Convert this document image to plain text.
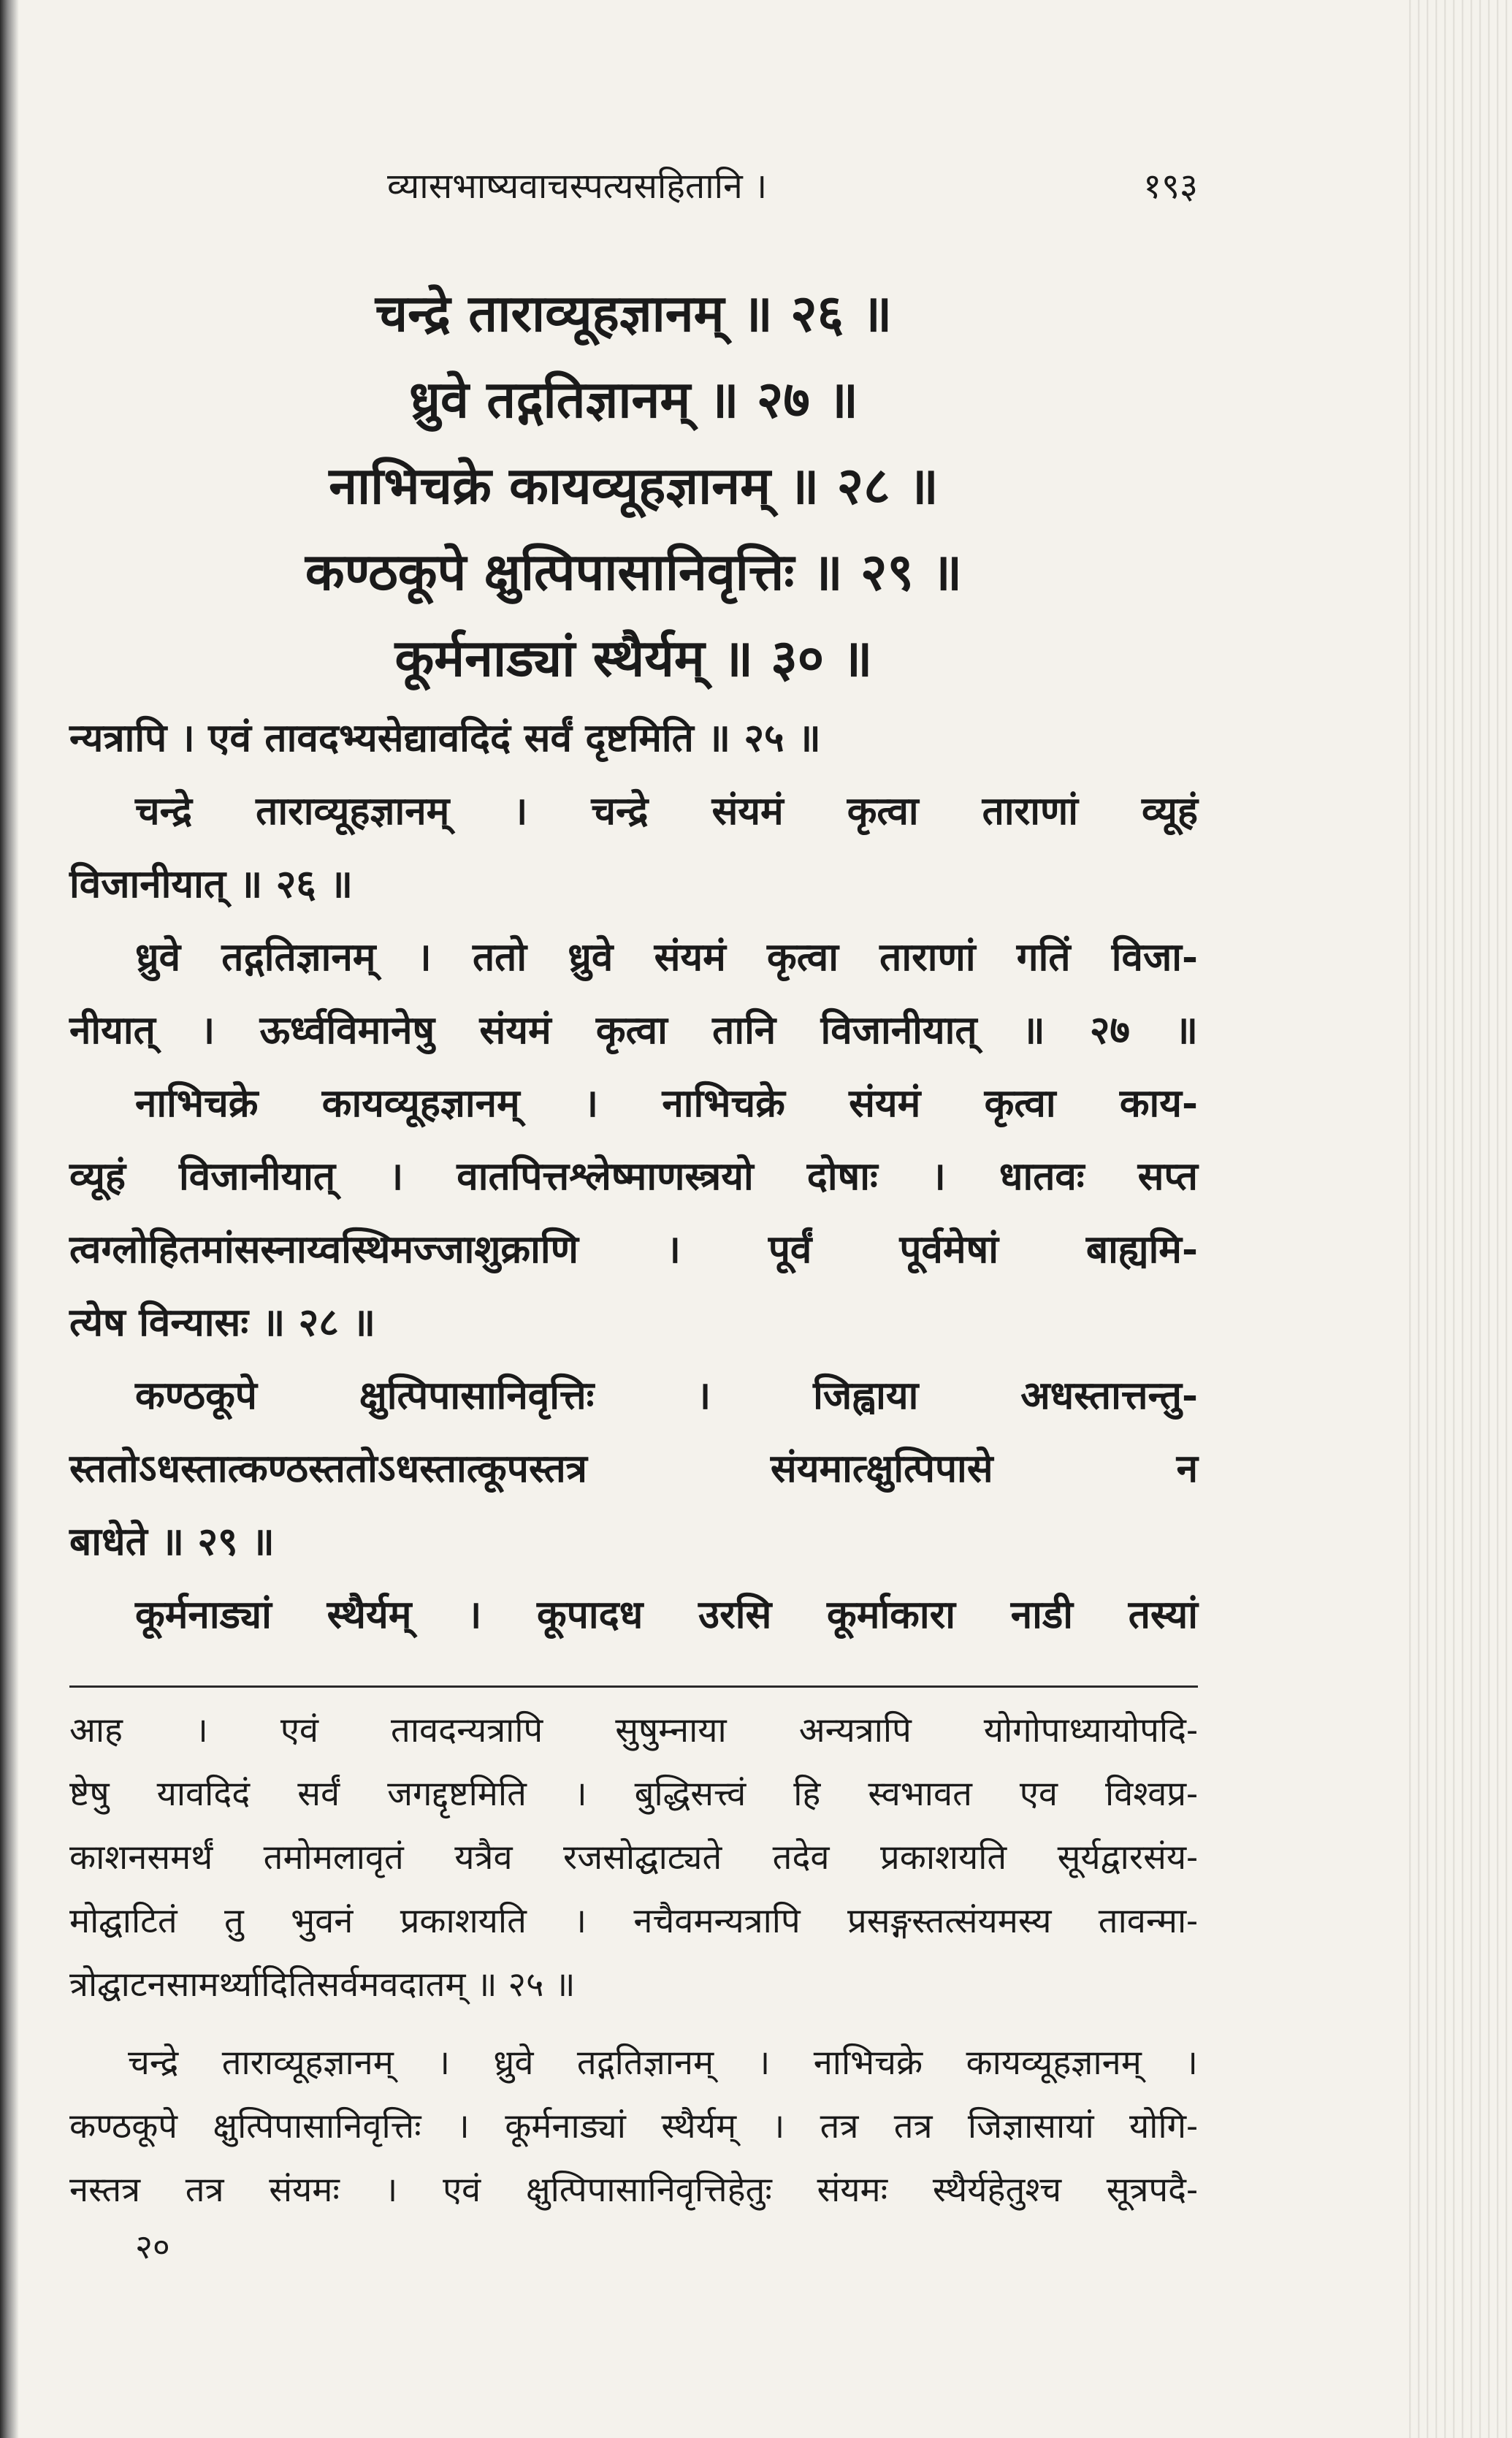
व्यासभाष्यवाचस्पत्यसहितानि ।	१९३
चन्द्रे ताराव्यूहज्ञानम् ॥ २६ ॥
ध्रुवे तद्गतिज्ञानम् ॥ २७ ॥
नाभिचक्रे कायव्यूहज्ञानम् ॥ २८ ॥
कण्ठकूपे क्षुत्पिपासानिवृत्तिः ॥ २९ ॥
कूर्मनाड्यां स्थैर्यम् ॥ ३० ॥
न्यत्रापि । एवं तावदभ्यसेद्यावदिदं सर्वं दृष्टमिति ॥ २५ ॥
चन्द्रे ताराव्यूहज्ञानम् । चन्द्रे संयमं कृत्वा ताराणां व्यूहं
विजानीयात् ॥ २६ ॥
ध्रुवे तद्गतिज्ञानम् । ततो ध्रुवे संयमं कृत्वा ताराणां गतिं विजा-
नीयात् । ऊर्ध्वविमानेषु संयमं कृत्वा तानि विजानीयात् ॥ २७ ॥
नाभिचक्रे कायव्यूहज्ञानम् । नाभिचक्रे संयमं कृत्वा काय-
व्यूहं विजानीयात् । वातपित्तश्लेष्माणस्त्रयो दोषाः । धातवः सप्त
त्वग्लोहितमांसस्नाय्वस्थिमज्जाशुक्राणि । पूर्वं पूर्वमेषां बाह्यमि-
त्येष विन्यासः ॥ २८ ॥
कण्ठकूपे क्षुत्पिपासानिवृत्तिः । जिह्वाया अधस्तात्तन्तु-
स्ततोऽधस्तात्कण्ठस्ततोऽधस्तात्कूपस्तत्र संयमात्क्षुत्पिपासे न
बाधेते ॥ २९ ॥
कूर्मनाड्यां स्थैर्यम् । कूपादध उरसि कूर्माकारा नाडी तस्यां
आह । एवं तावदन्यत्रापि सुषुम्नाया अन्यत्रापि योगोपाध्यायोपदि-
ष्टेषु यावदिदं सर्वं जगद्दृष्टमिति । बुद्धिसत्त्वं हि स्वभावत एव विश्वप्र-
काशनसमर्थं तमोमलावृतं यत्रैव रजसोद्घाट्यते तदेव प्रकाशयति सूर्यद्वारसंय-
मोद्घाटितं तु भुवनं प्रकाशयति । नचैवमन्यत्रापि प्रसङ्गस्तत्संयमस्य तावन्मा-
त्रोद्घाटनसामर्थ्यादितिसर्वमवदातम् ॥ २५ ॥
चन्द्रे ताराव्यूहज्ञानम् । ध्रुवे तद्गतिज्ञानम् । नाभिचक्रे कायव्यूहज्ञानम् ।
कण्ठकूपे क्षुत्पिपासानिवृत्तिः । कूर्मनाड्यां स्थैर्यम् । तत्र तत्र जिज्ञासायां योगि-
नस्तत्र तत्र संयमः । एवं क्षुत्पिपासानिवृत्तिहेतुः संयमः स्थैर्यहेतुश्च सूत्रपदै-
२०
